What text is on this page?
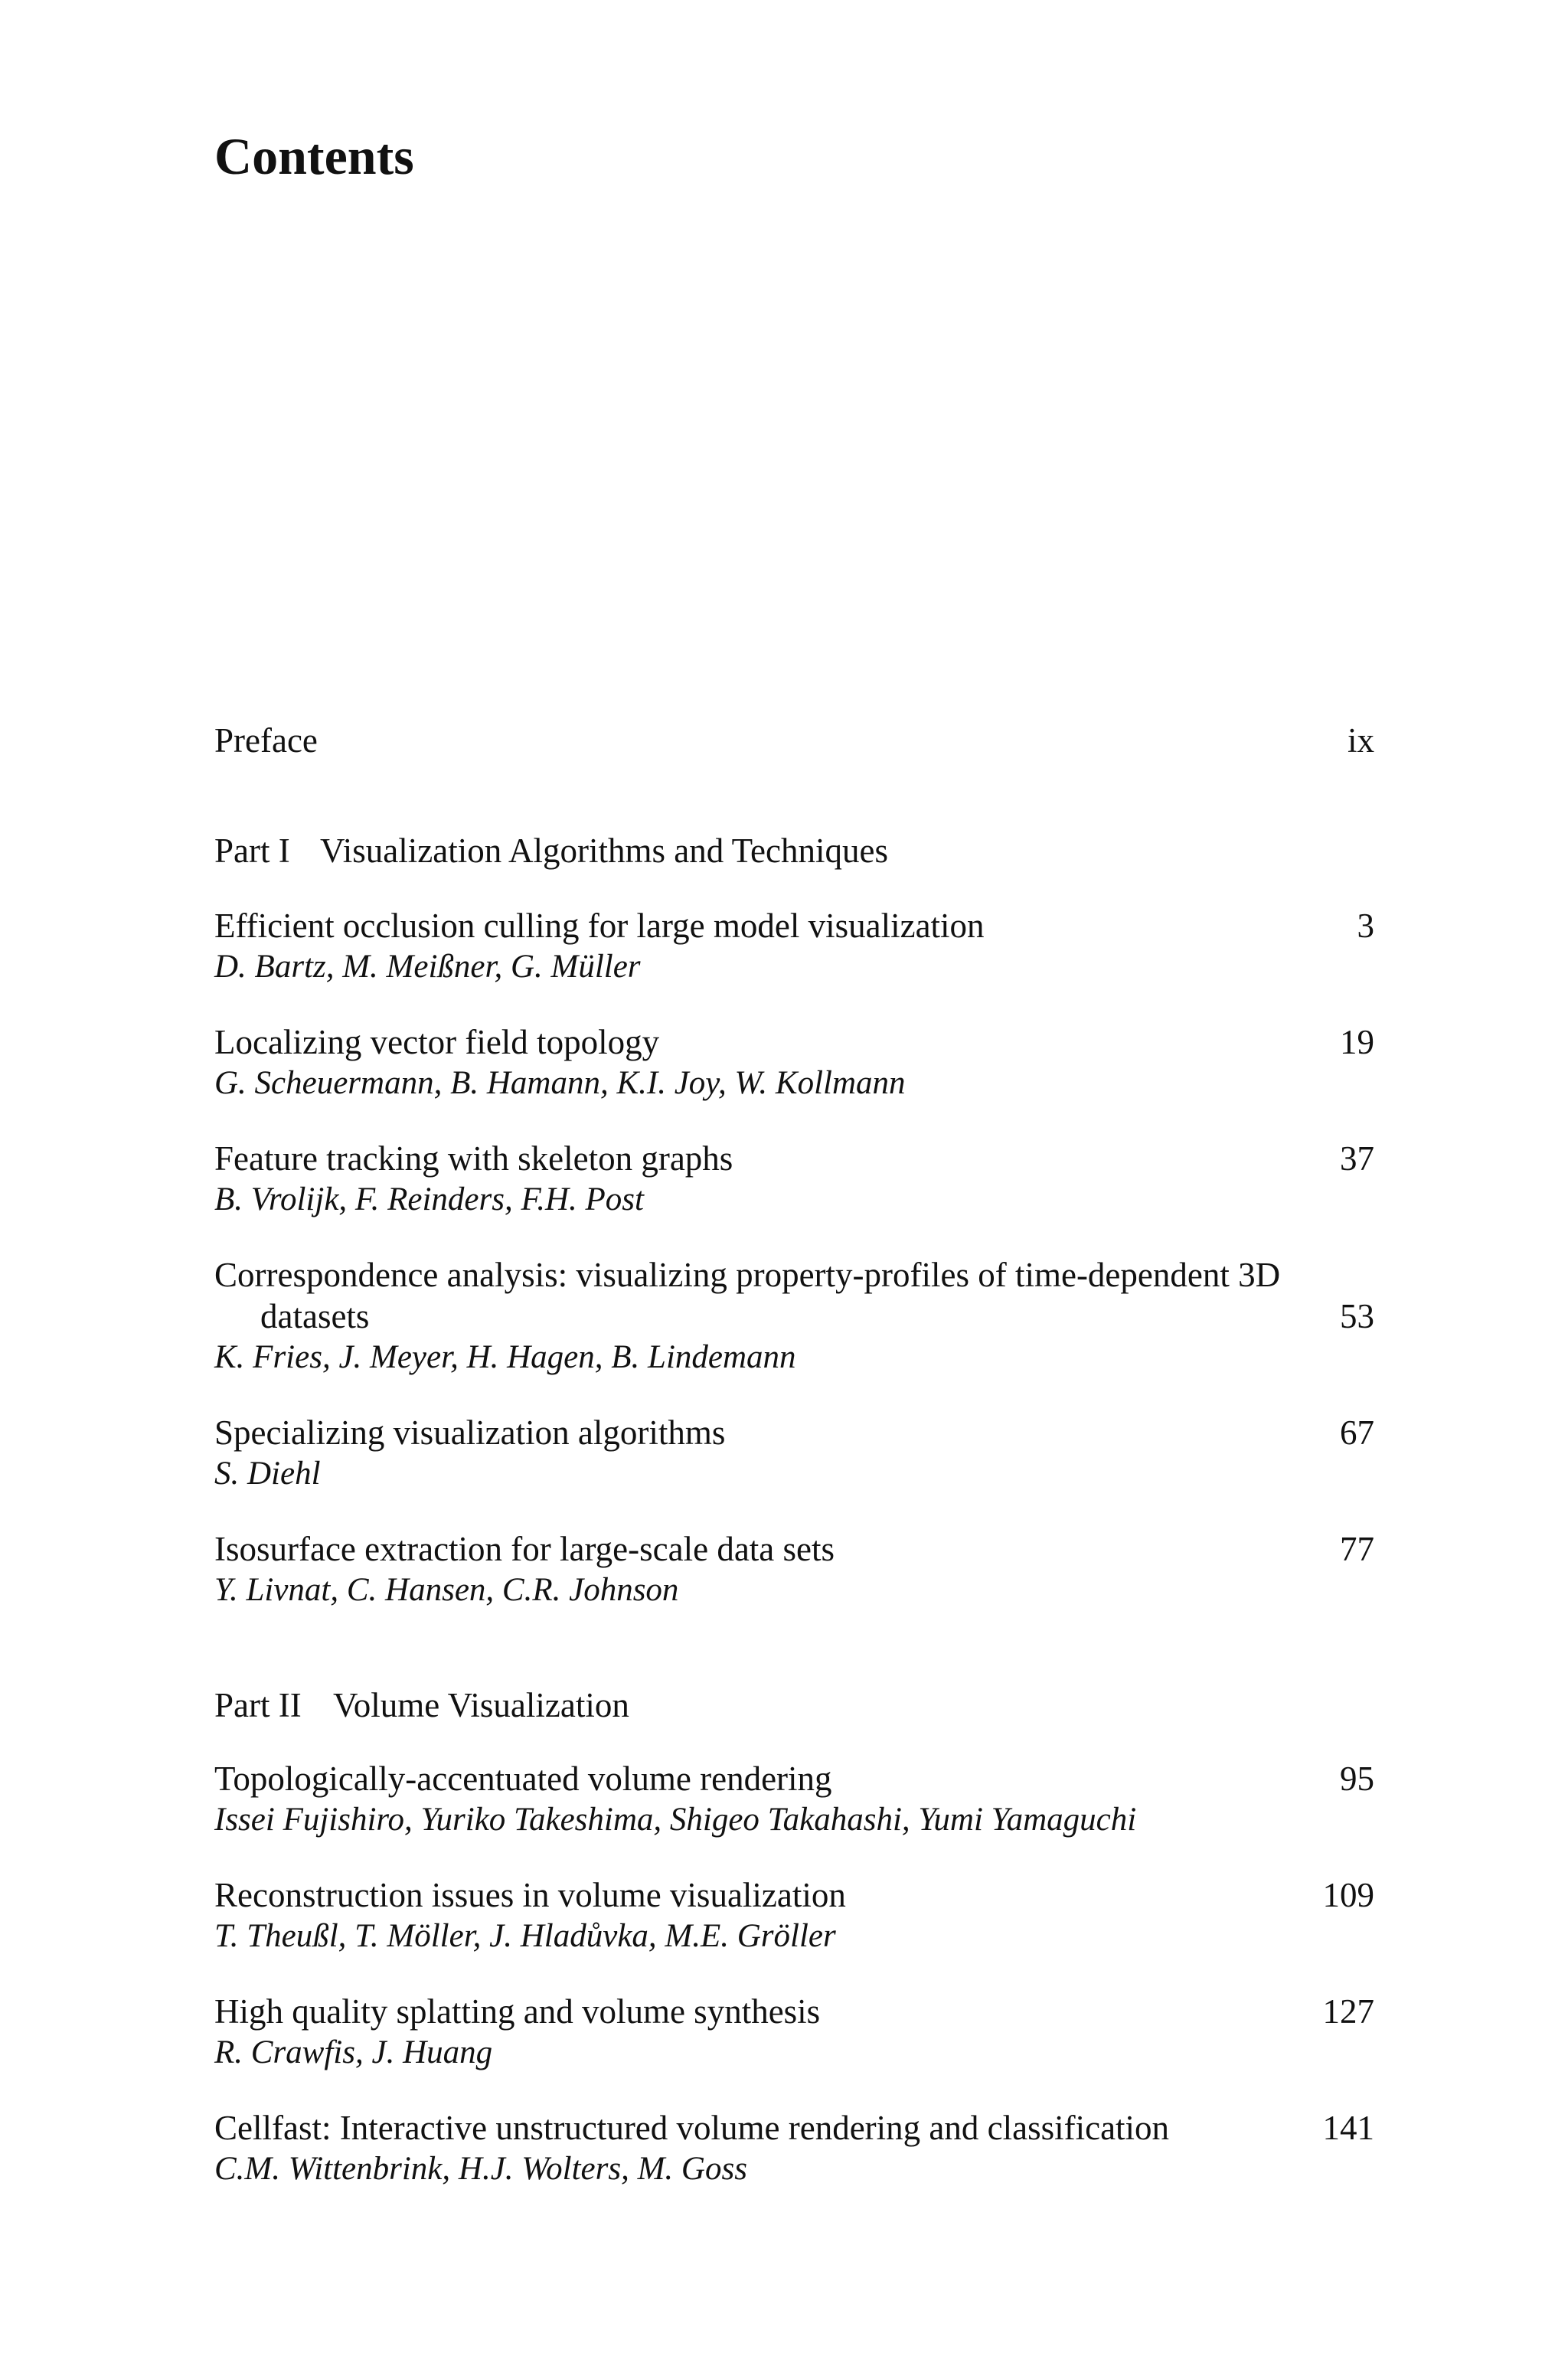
Contents
Preface	ix
Part I Visualization Algorithms and Techniques
Efficient occlusion culling for large model visualization	3
D. Bartz, M. Meißner, G. Müller
Localizing vector field topology	19
G. Scheuermann, B. Hamann, K.I. Joy, W. Kollmann
Feature tracking with skeleton graphs	37
B. Vrolijk, F. Reinders, F.H. Post
Correspondence analysis: visualizing property-profiles of time-dependent 3D
datasets	53
K. Fries, J. Meyer, H. Hagen, B. Lindemann
Specializing visualization algorithms	67
S. Diehl
Isosurface extraction for large-scale data sets	77
Y. Livnat, C. Hansen, C.R. Johnson
Part II Volume Visualization
Topologically-accentuated volume rendering	95
Issei Fujishiro, Yuriko Takeshima, Shigeo Takahashi, Yumi Yamaguchi
Reconstruction issues in volume visualization	109
T. Theußl, T. Möller, J. Hladůvka, M.E. Gröller
High quality splatting and volume synthesis	127
R. Crawfis, J. Huang
Cellfast: Interactive unstructured volume rendering and classification	141
C.M. Wittenbrink, H.J. Wolters, M. Goss
